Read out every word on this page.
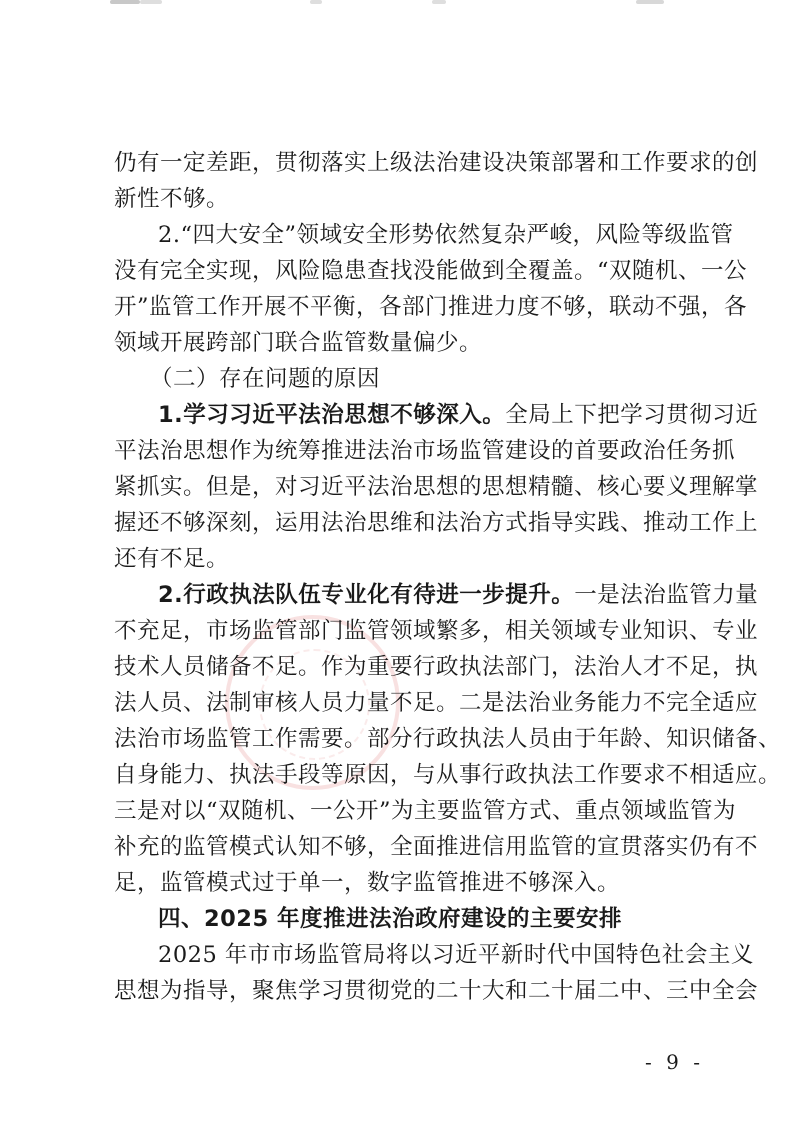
仍有一定差距，贯彻落实上级法治建设决策部署和工作要求的创
新性不够。
2.“四大安全”领域安全形势依然复杂严峻，风险等级监管
没有完全实现，风险隐患查找没能做到全覆盖。“双随机、一公
开”监管工作开展不平衡，各部门推进力度不够，联动不强，各
领域开展跨部门联合监管数量偏少。
（二）存在问题的原因
1.学习习近平法治思想不够深入。全局上下把学习贯彻习近
平法治思想作为统筹推进法治市场监管建设的首要政治任务抓
紧抓实。但是，对习近平法治思想的思想精髓、核心要义理解掌
握还不够深刻，运用法治思维和法治方式指导实践、推动工作上
还有不足。
2.行政执法队伍专业化有待进一步提升。一是法治监管力量
不充足，市场监管部门监管领域繁多，相关领域专业知识、专业
技术人员储备不足。作为重要行政执法部门，法治人才不足，执
法人员、法制审核人员力量不足。二是法治业务能力不完全适应
法治市场监管工作需要。部分行政执法人员由于年龄、知识储备、
自身能力、执法手段等原因，与从事行政执法工作要求不相适应。
三是对以“双随机、一公开”为主要监管方式、重点领域监管为
补充的监管模式认知不够，全面推进信用监管的宣贯落实仍有不
足，监管模式过于单一，数字监管推进不够深入。
四、2025 年度推进法治政府建设的主要安排
2025 年市市场监管局将以习近平新时代中国特色社会主义
思想为指导，聚焦学习贯彻党的二十大和二十届二中、三中全会
- 9 -
